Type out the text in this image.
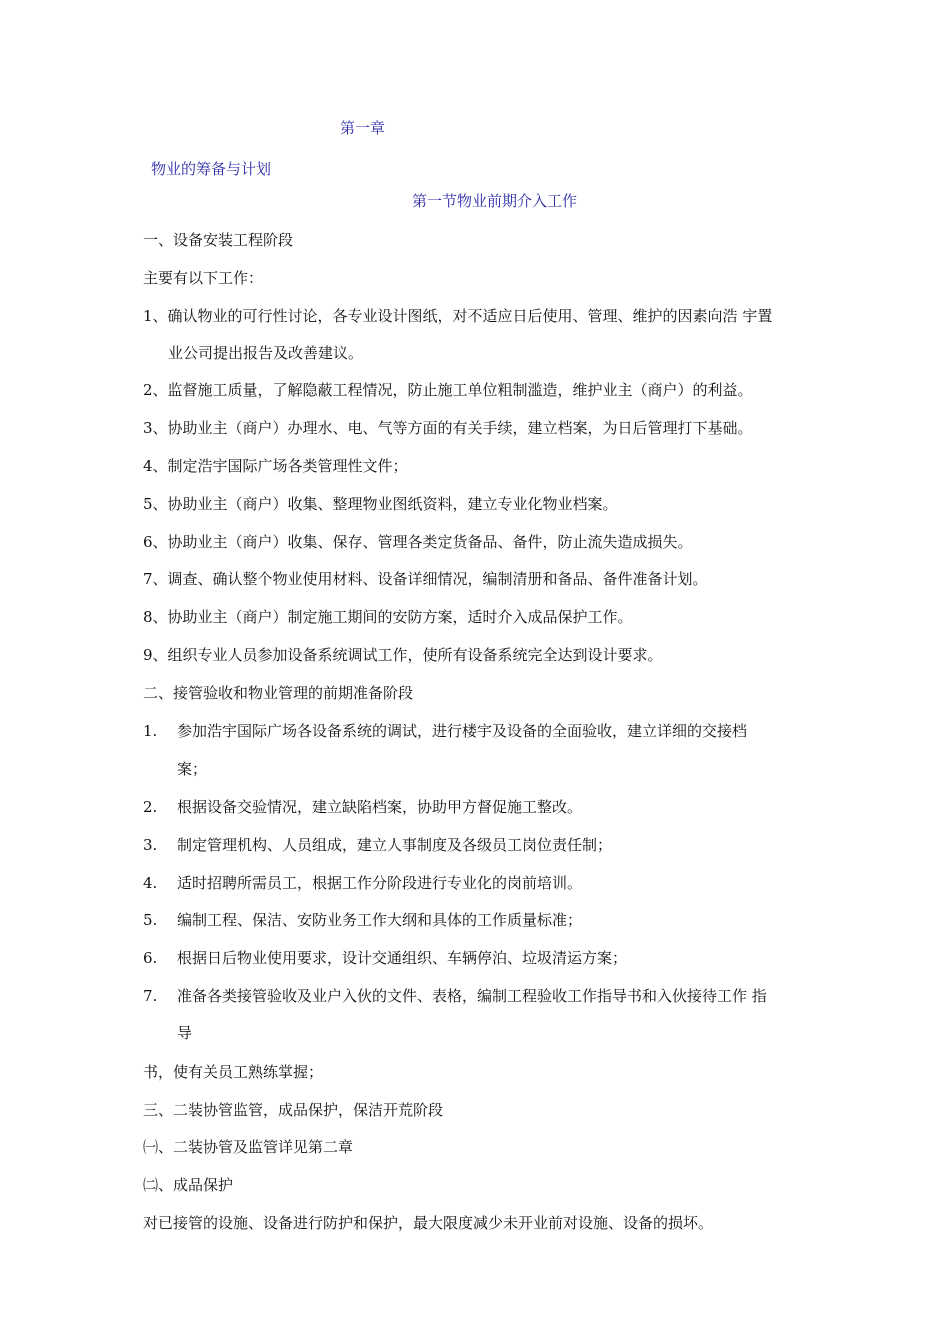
第一章
物业的筹备与计划
第一节物业前期介入工作
一、设备安装工程阶段
主要有以下工作：
1、确认物业的可行性讨论，各专业设计图纸，对不适应日后使用、管理、维护的因素向浩 宇置
业公司提出报告及改善建议。
2、监督施工质量，了解隐蔽工程情况，防止施工单位粗制滥造，维护业主（商户）的利益。
3、协助业主（商户）办理水、电、气等方面的有关手续，建立档案，为日后管理打下基础。
4、制定浩宇国际广场各类管理性文件；
5、协助业主（商户）收集、整理物业图纸资料，建立专业化物业档案。
6、协助业主（商户）收集、保存、管理各类定货备品、备件，防止流失造成损失。
7、调查、确认整个物业使用材料、设备详细情况，编制清册和备品、备件准备计划。
8、协助业主（商户）制定施工期间的安防方案，适时介入成品保护工作。
9、组织专业人员参加设备系统调试工作，使所有设备系统完全达到设计要求。
二、接管验收和物业管理的前期准备阶段
1. 参加浩宇国际广场各设备系统的调试，进行楼宇及设备的全面验收，建立详细的交接档
案；
2. 根据设备交验情况，建立缺陷档案，协助甲方督促施工整改。
3. 制定管理机构、人员组成，建立人事制度及各级员工岗位责任制；
4. 适时招聘所需员工，根据工作分阶段进行专业化的岗前培训。
5. 编制工程、保洁、安防业务工作大纲和具体的工作质量标准；
6. 根据日后物业使用要求，设计交通组织、车辆停泊、垃圾清运方案；
7. 准备各类接管验收及业户入伙的文件、表格，编制工程验收工作指导书和入伙接待工作 指
导
书，使有关员工熟练掌握；
三、二装协管监管，成品保护，保洁开荒阶段
㈠、二装协管及监管详见第二章
㈡、成品保护
对已接管的设施、设备进行防护和保护，最大限度减少未开业前对设施、设备的损坏。
